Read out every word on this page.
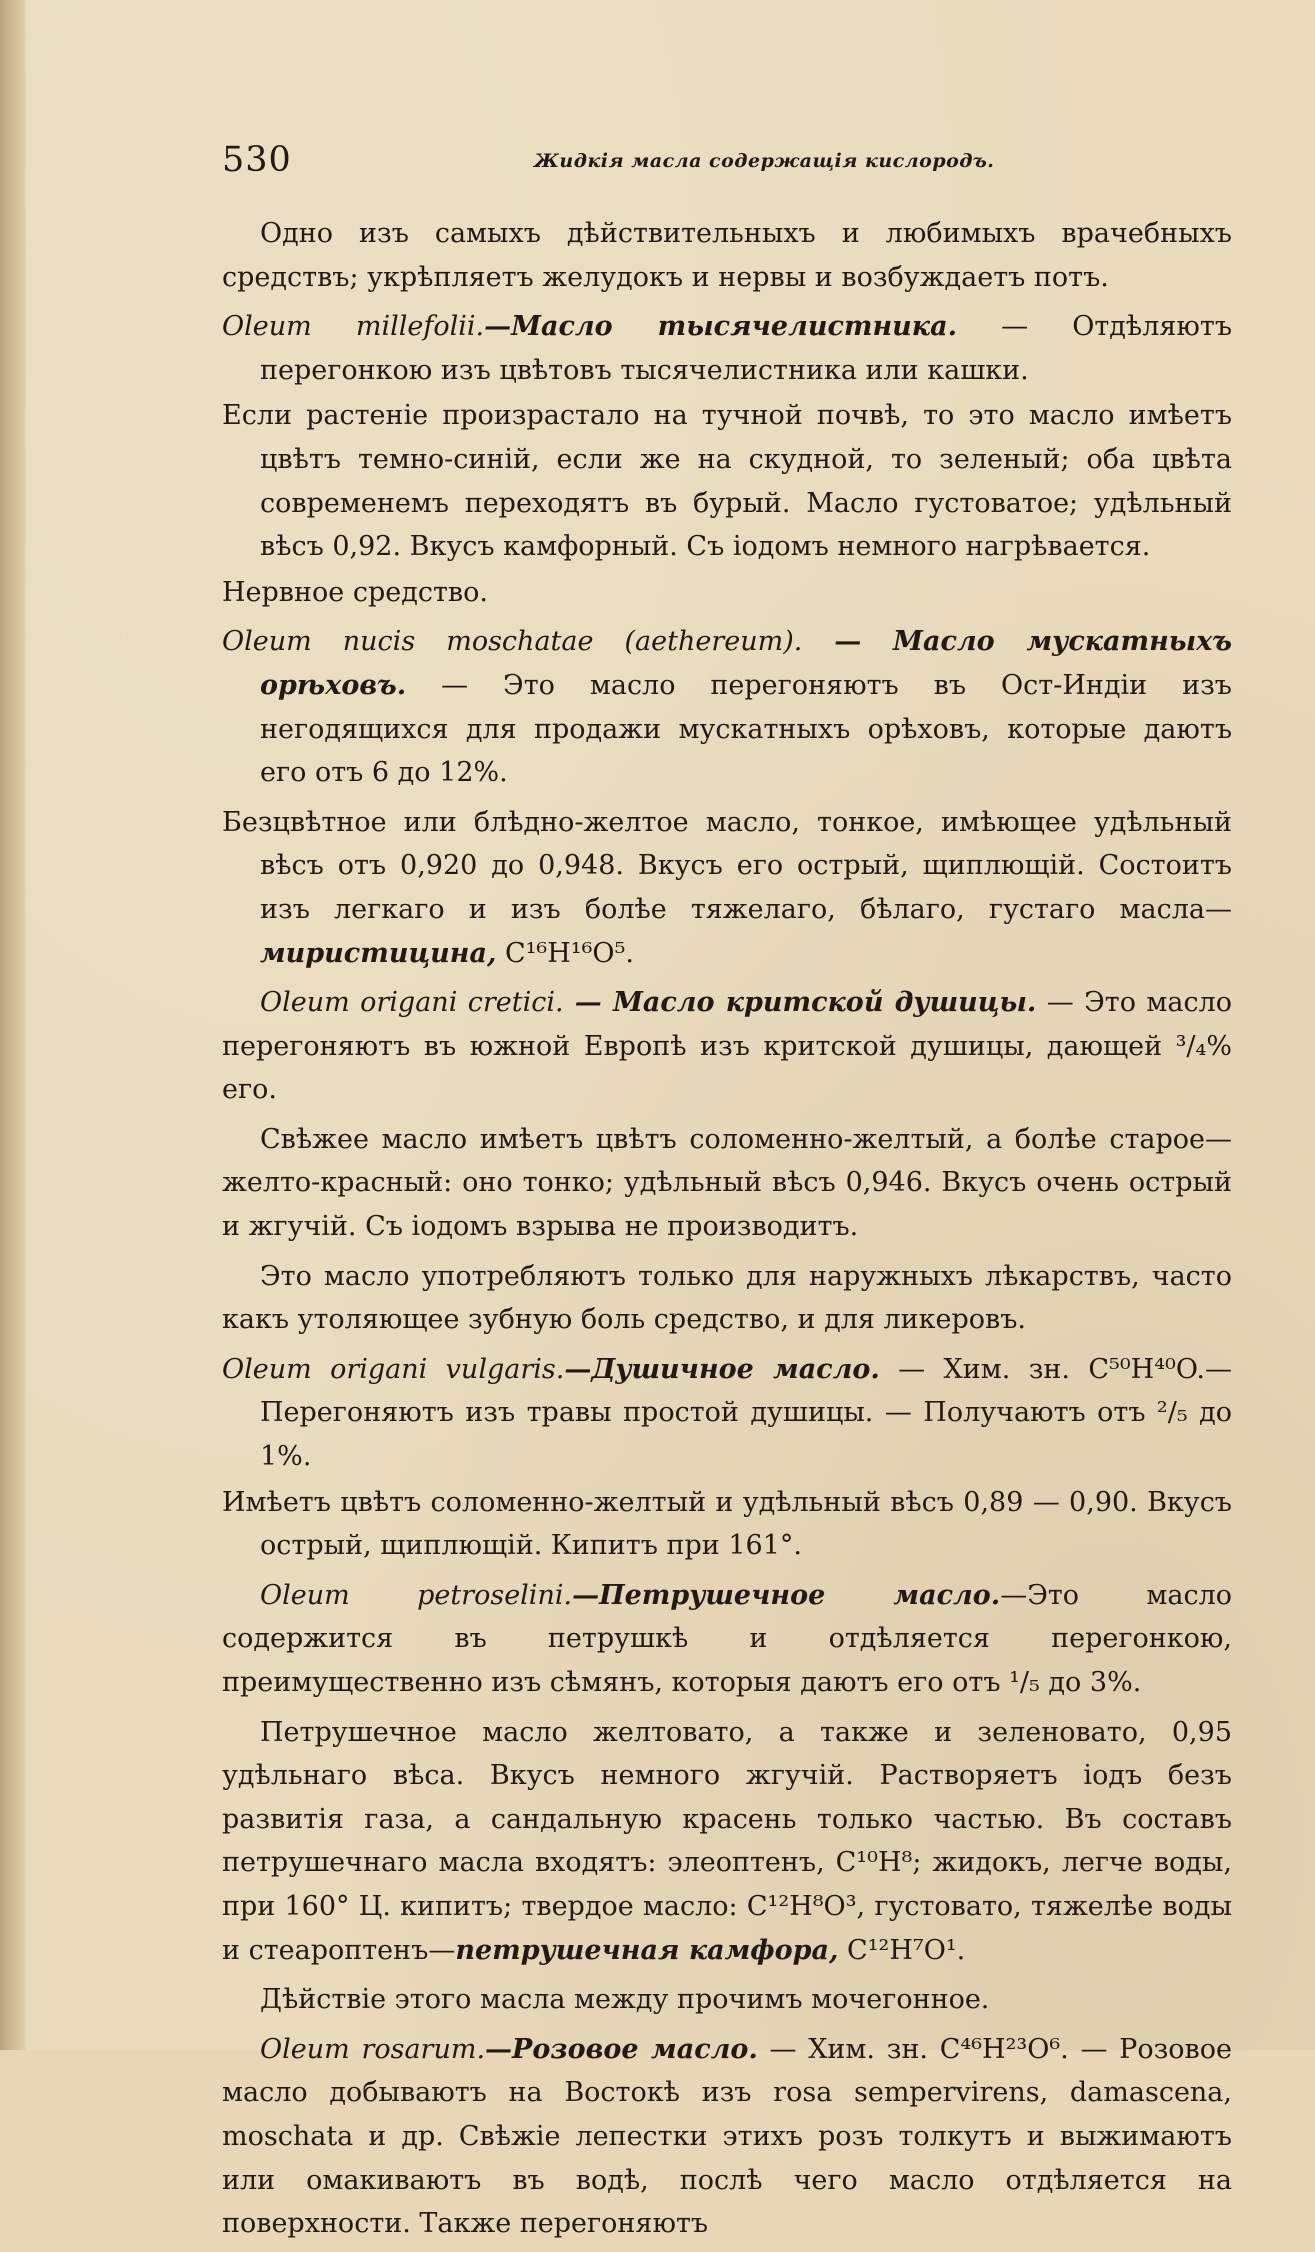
530	Жидкія масла содержащія кислородъ.

Одно изъ самыхъ дѣйствительныхъ и любимыхъ врачебныхъ средствъ; укрѣпляетъ желудокъ и нервы и возбуждаетъ потъ.

Oleum millefolii.—Масло тысячелистника. — Отдѣляютъ перегонкою изъ цвѣтовъ тысячелистника или кашки.

Если растеніе произрастало на тучной почвѣ, то это масло имѣетъ цвѣтъ темно-синій, если же на скудной, то зеленый; оба цвѣта современемъ переходятъ въ бурый. Масло густоватое; удѣльный вѣсъ 0,92. Вкусъ камфорный. Съ іодомъ немного нагрѣвается.

Нервное средство.

Oleum nucis moschatae (aethereum). — Масло мускатныхъ орѣховъ. — Это масло перегоняютъ въ Ост-Индіи изъ негодящихся для продажи мускатныхъ орѣховъ, которые даютъ его отъ 6 до 12%.

Безцвѣтное или блѣдно-желтое масло, тонкое, имѣющее удѣльный вѣсъ отъ 0,920 до 0,948. Вкусъ его острый, щиплющій. Состоитъ изъ легкаго и изъ болѣе тяжелаго, бѣлаго, густаго масла—миристицина, C¹⁶H¹⁶O⁵.

Oleum origani cretici. — Масло критской душицы. — Это масло перегоняютъ въ южной Европѣ изъ критской душицы, дающей ³/₄% его.

Свѣжее масло имѣетъ цвѣтъ соломенно-желтый, а болѣе старое—желто-красный: оно тонко; удѣльный вѣсъ 0,946. Вкусъ очень острый и жгучій. Съ іодомъ взрыва не производитъ.

Это масло употребляютъ только для наружныхъ лѣкарствъ, часто какъ утоляющее зубную боль средство, и для ликеровъ.

Oleum origani vulgaris.—Душичное масло. — Хим. зн. C⁵⁰H⁴⁰O.— Перегоняютъ изъ травы простой душицы. — Получаютъ отъ ²/₅ до 1%.

Имѣетъ цвѣтъ соломенно-желтый и удѣльный вѣсъ 0,89 — 0,90. Вкусъ острый, щиплющій. Кипитъ при 161°.

Oleum petroselini.—Петрушечное масло.—Это масло содержится въ петрушкѣ и отдѣляется перегонкою, преимущественно изъ сѣмянъ, которыя даютъ его отъ ¹/₅ до 3%.

Петрушечное масло желтовато, а также и зеленовато, 0,95 удѣльнаго вѣса. Вкусъ немного жгучій. Растворяетъ іодъ безъ развитія газа, а сандальную красень только частью. Въ составъ петрушечнаго масла входятъ: элеоптенъ, C¹⁰H⁸; жидокъ, легче воды, при 160° Ц. кипитъ; твердое масло: C¹²H⁸O³, густовато, тяжелѣе воды и стеароптенъ—петрушечная камфора, C¹²H⁷O¹.

Дѣйствіе этого масла между прочимъ мочегонное.

Oleum rosarum.—Розовое масло. — Хим. зн. C⁴⁶H²³O⁶. — Розовое масло добываютъ на Востокѣ изъ rosa sempervirens, damascena, moschata и др. Свѣжіе лепестки этихъ розъ толкутъ и выжимаютъ или омакиваютъ въ водѣ, послѣ чего масло отдѣляется на поверхности. Также перегоняютъ
